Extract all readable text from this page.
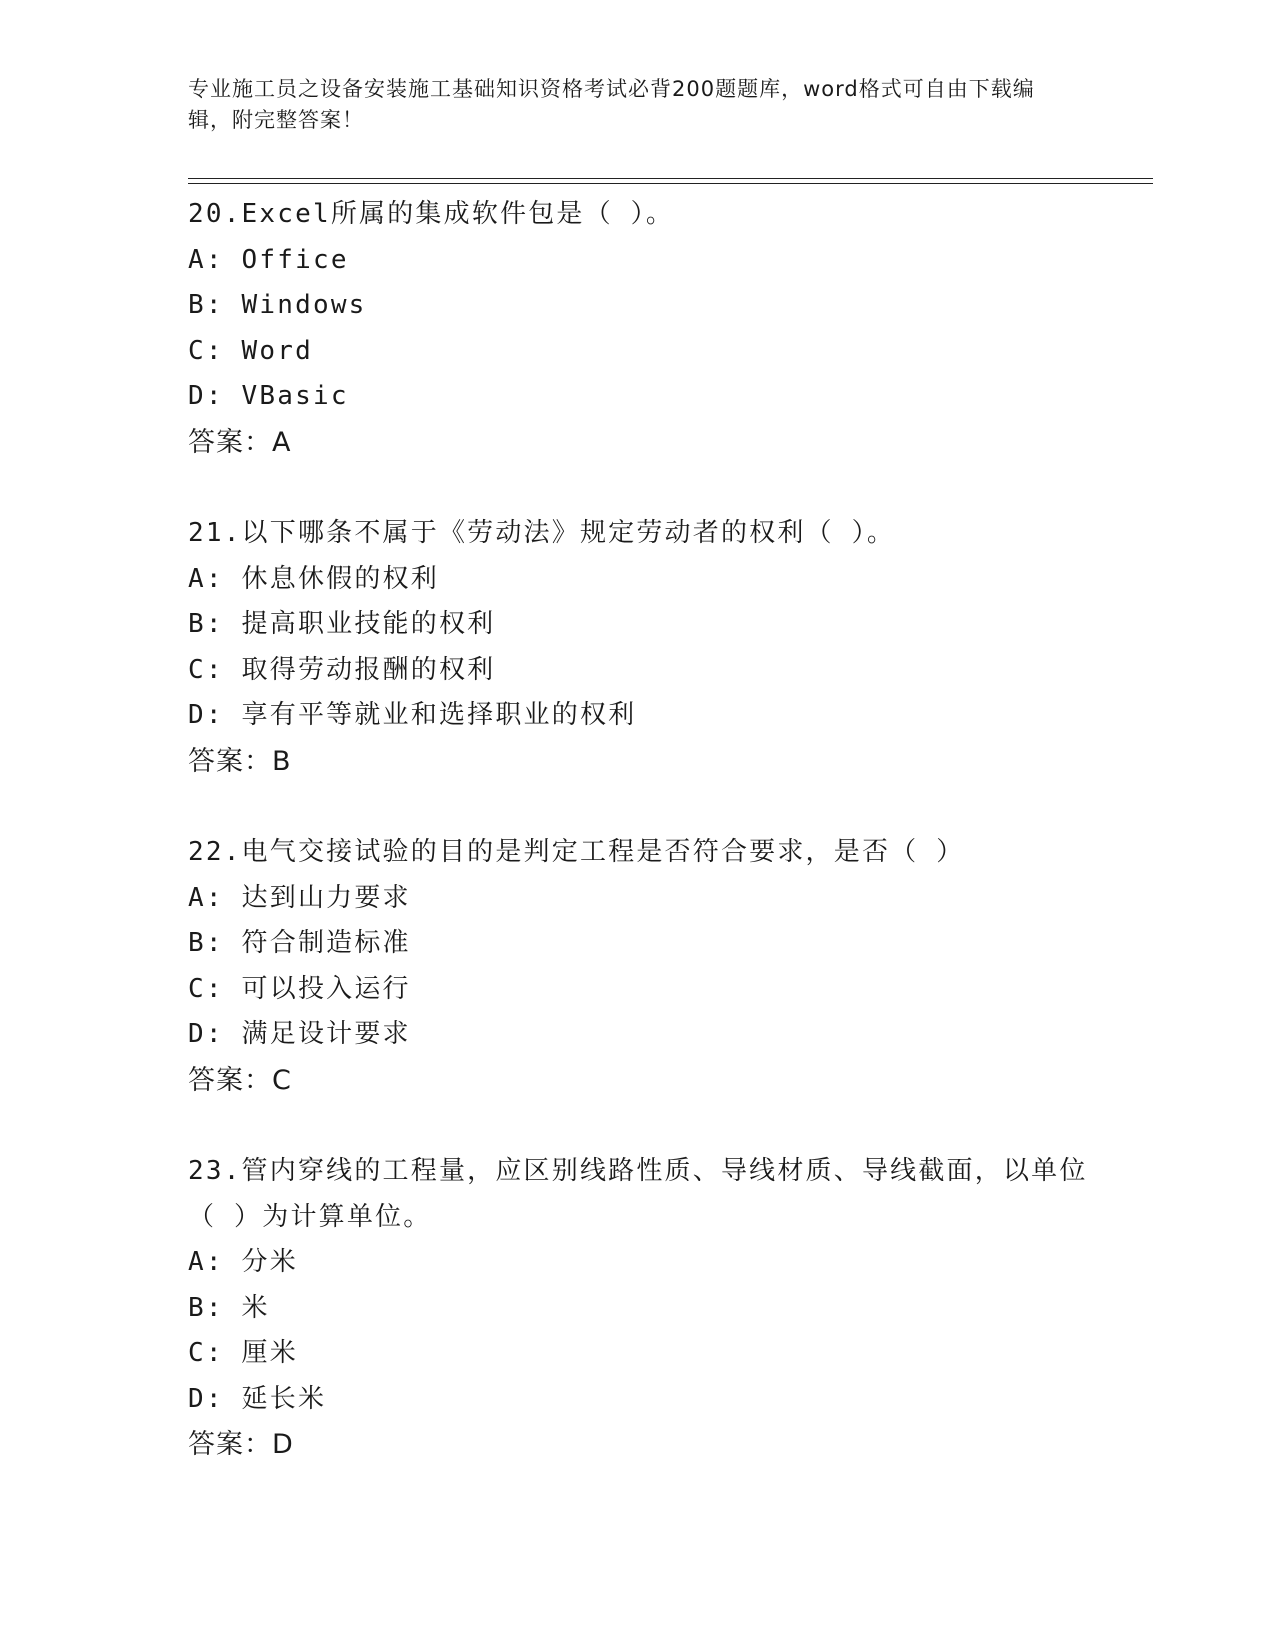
专业施工员之设备安装施工基础知识资格考试必背200题题库，word格式可自由下载编辑，附完整答案！
20.Excel所属的集成软件包是（ ）。
A: Office
B: Windows
C: Word
D: VBasic
答案：A
21.以下哪条不属于《劳动法》规定劳动者的权利（ ）。
A: 休息休假的权利
B: 提高职业技能的权利
C: 取得劳动报酬的权利
D: 享有平等就业和选择职业的权利
答案：B
22.电气交接试验的目的是判定工程是否符合要求，是否（ ）
A: 达到山力要求
B: 符合制造标准
C: 可以投入运行
D: 满足设计要求
答案：C
23.管内穿线的工程量，应区别线路性质、导线材质、导线截面，以单位（ ）为计算单位。
A: 分米
B: 米
C: 厘米
D: 延长米
答案：D
